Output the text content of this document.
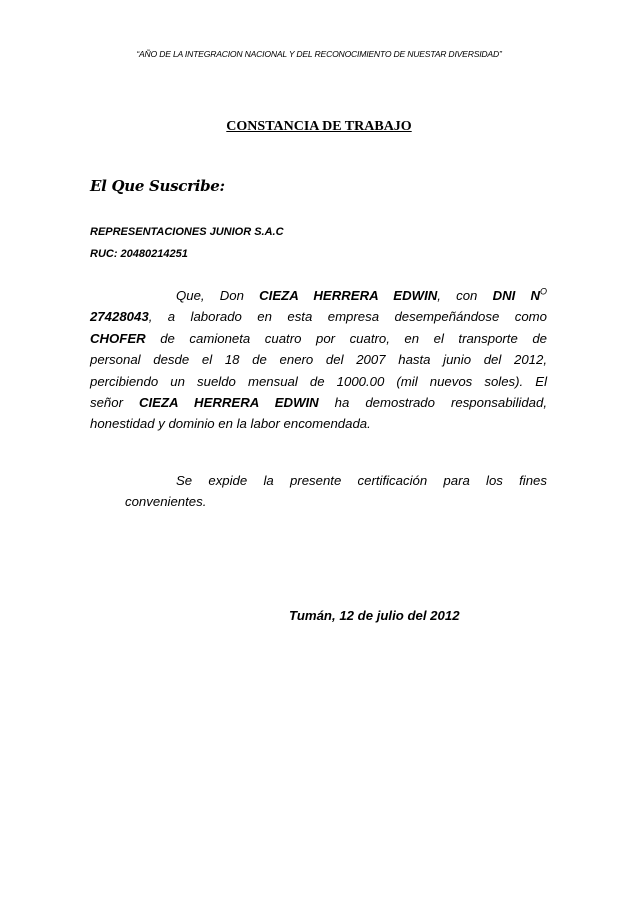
“AÑO DE LA INTEGRACION NACIONAL Y DEL RECONOCIMIENTO DE NUESTAR DIVERSIDAD”
CONSTANCIA DE TRABAJO
El Que Suscribe:
REPRESENTACIONES JUNIOR S.A.C
RUC: 20480214251
Que, Don CIEZA HERRERA EDWIN, con DNI $N^O$
27428043, a laborado en esta empresa desempeñándose como
CHOFER de camioneta cuatro por cuatro, en el transporte de
personal desde el 18 de enero del 2007 hasta junio del 2012,
percibiendo un sueldo mensual de 1000.00 (mil nuevos soles). El
señor CIEZA HERRERA EDWIN ha demostrado responsabilidad,
honestidad y dominio en la labor encomendada.
Se expide la presente certificación para los fines
convenientes.
Tumán, 12 de julio del 2012
